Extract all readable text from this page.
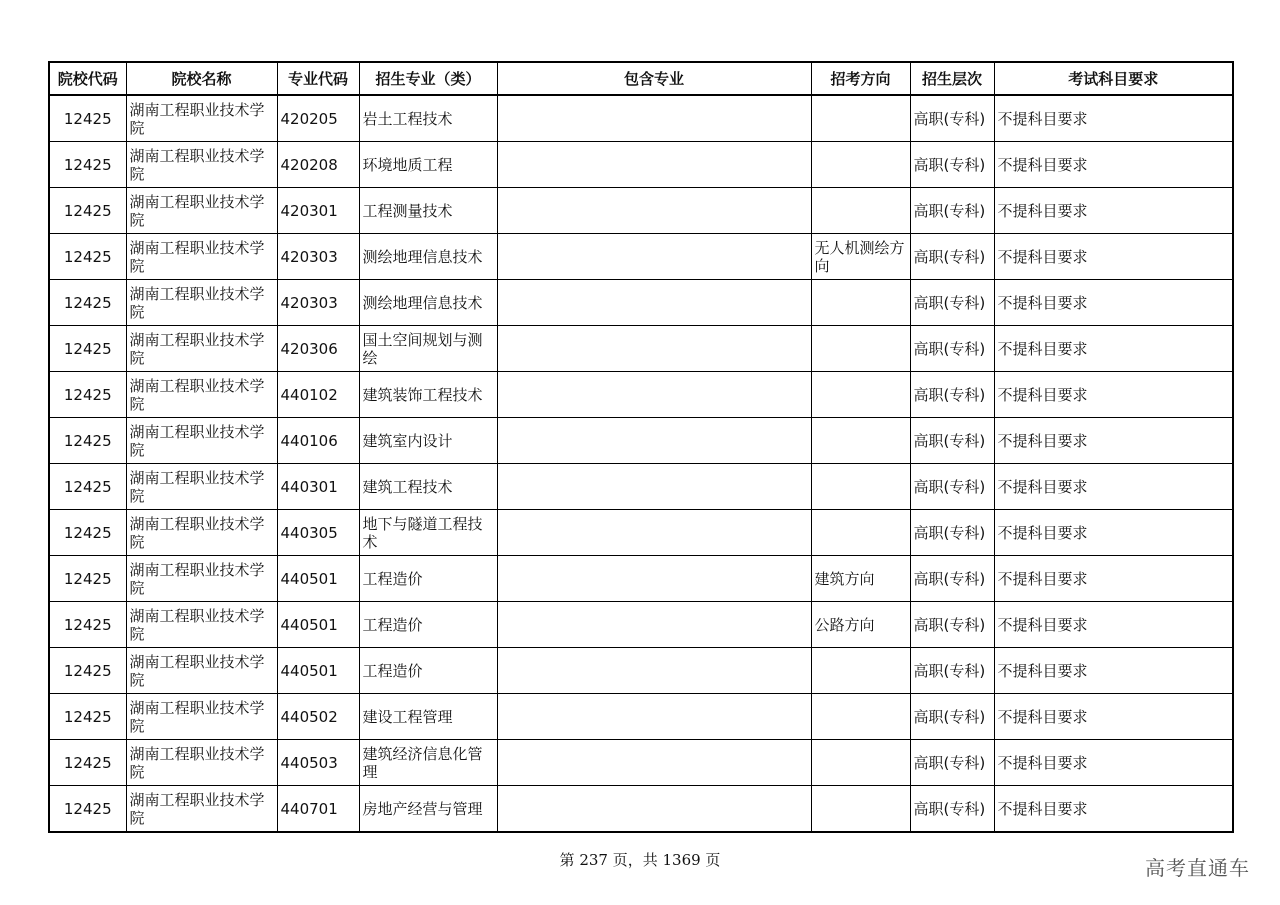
院校代码	院校名称	专业代码	招生专业（类）	包含专业	招考方向	招生层次	考试科目要求
12425	湖南工程职业技术学院	420205	岩土工程技术			高职(专科)	不提科目要求
12425	湖南工程职业技术学院	420208	环境地质工程			高职(专科)	不提科目要求
12425	湖南工程职业技术学院	420301	工程测量技术			高职(专科)	不提科目要求
12425	湖南工程职业技术学院	420303	测绘地理信息技术		无人机测绘方向	高职(专科)	不提科目要求
12425	湖南工程职业技术学院	420303	测绘地理信息技术			高职(专科)	不提科目要求
12425	湖南工程职业技术学院	420306	国土空间规划与测绘			高职(专科)	不提科目要求
12425	湖南工程职业技术学院	440102	建筑装饰工程技术			高职(专科)	不提科目要求
12425	湖南工程职业技术学院	440106	建筑室内设计			高职(专科)	不提科目要求
12425	湖南工程职业技术学院	440301	建筑工程技术			高职(专科)	不提科目要求
12425	湖南工程职业技术学院	440305	地下与隧道工程技术			高职(专科)	不提科目要求
12425	湖南工程职业技术学院	440501	工程造价		建筑方向	高职(专科)	不提科目要求
12425	湖南工程职业技术学院	440501	工程造价		公路方向	高职(专科)	不提科目要求
12425	湖南工程职业技术学院	440501	工程造价			高职(专科)	不提科目要求
12425	湖南工程职业技术学院	440502	建设工程管理			高职(专科)	不提科目要求
12425	湖南工程职业技术学院	440503	建筑经济信息化管理			高职(专科)	不提科目要求
12425	湖南工程职业技术学院	440701	房地产经营与管理			高职(专科)	不提科目要求
第 237 页，共 1369 页	高考直通车
